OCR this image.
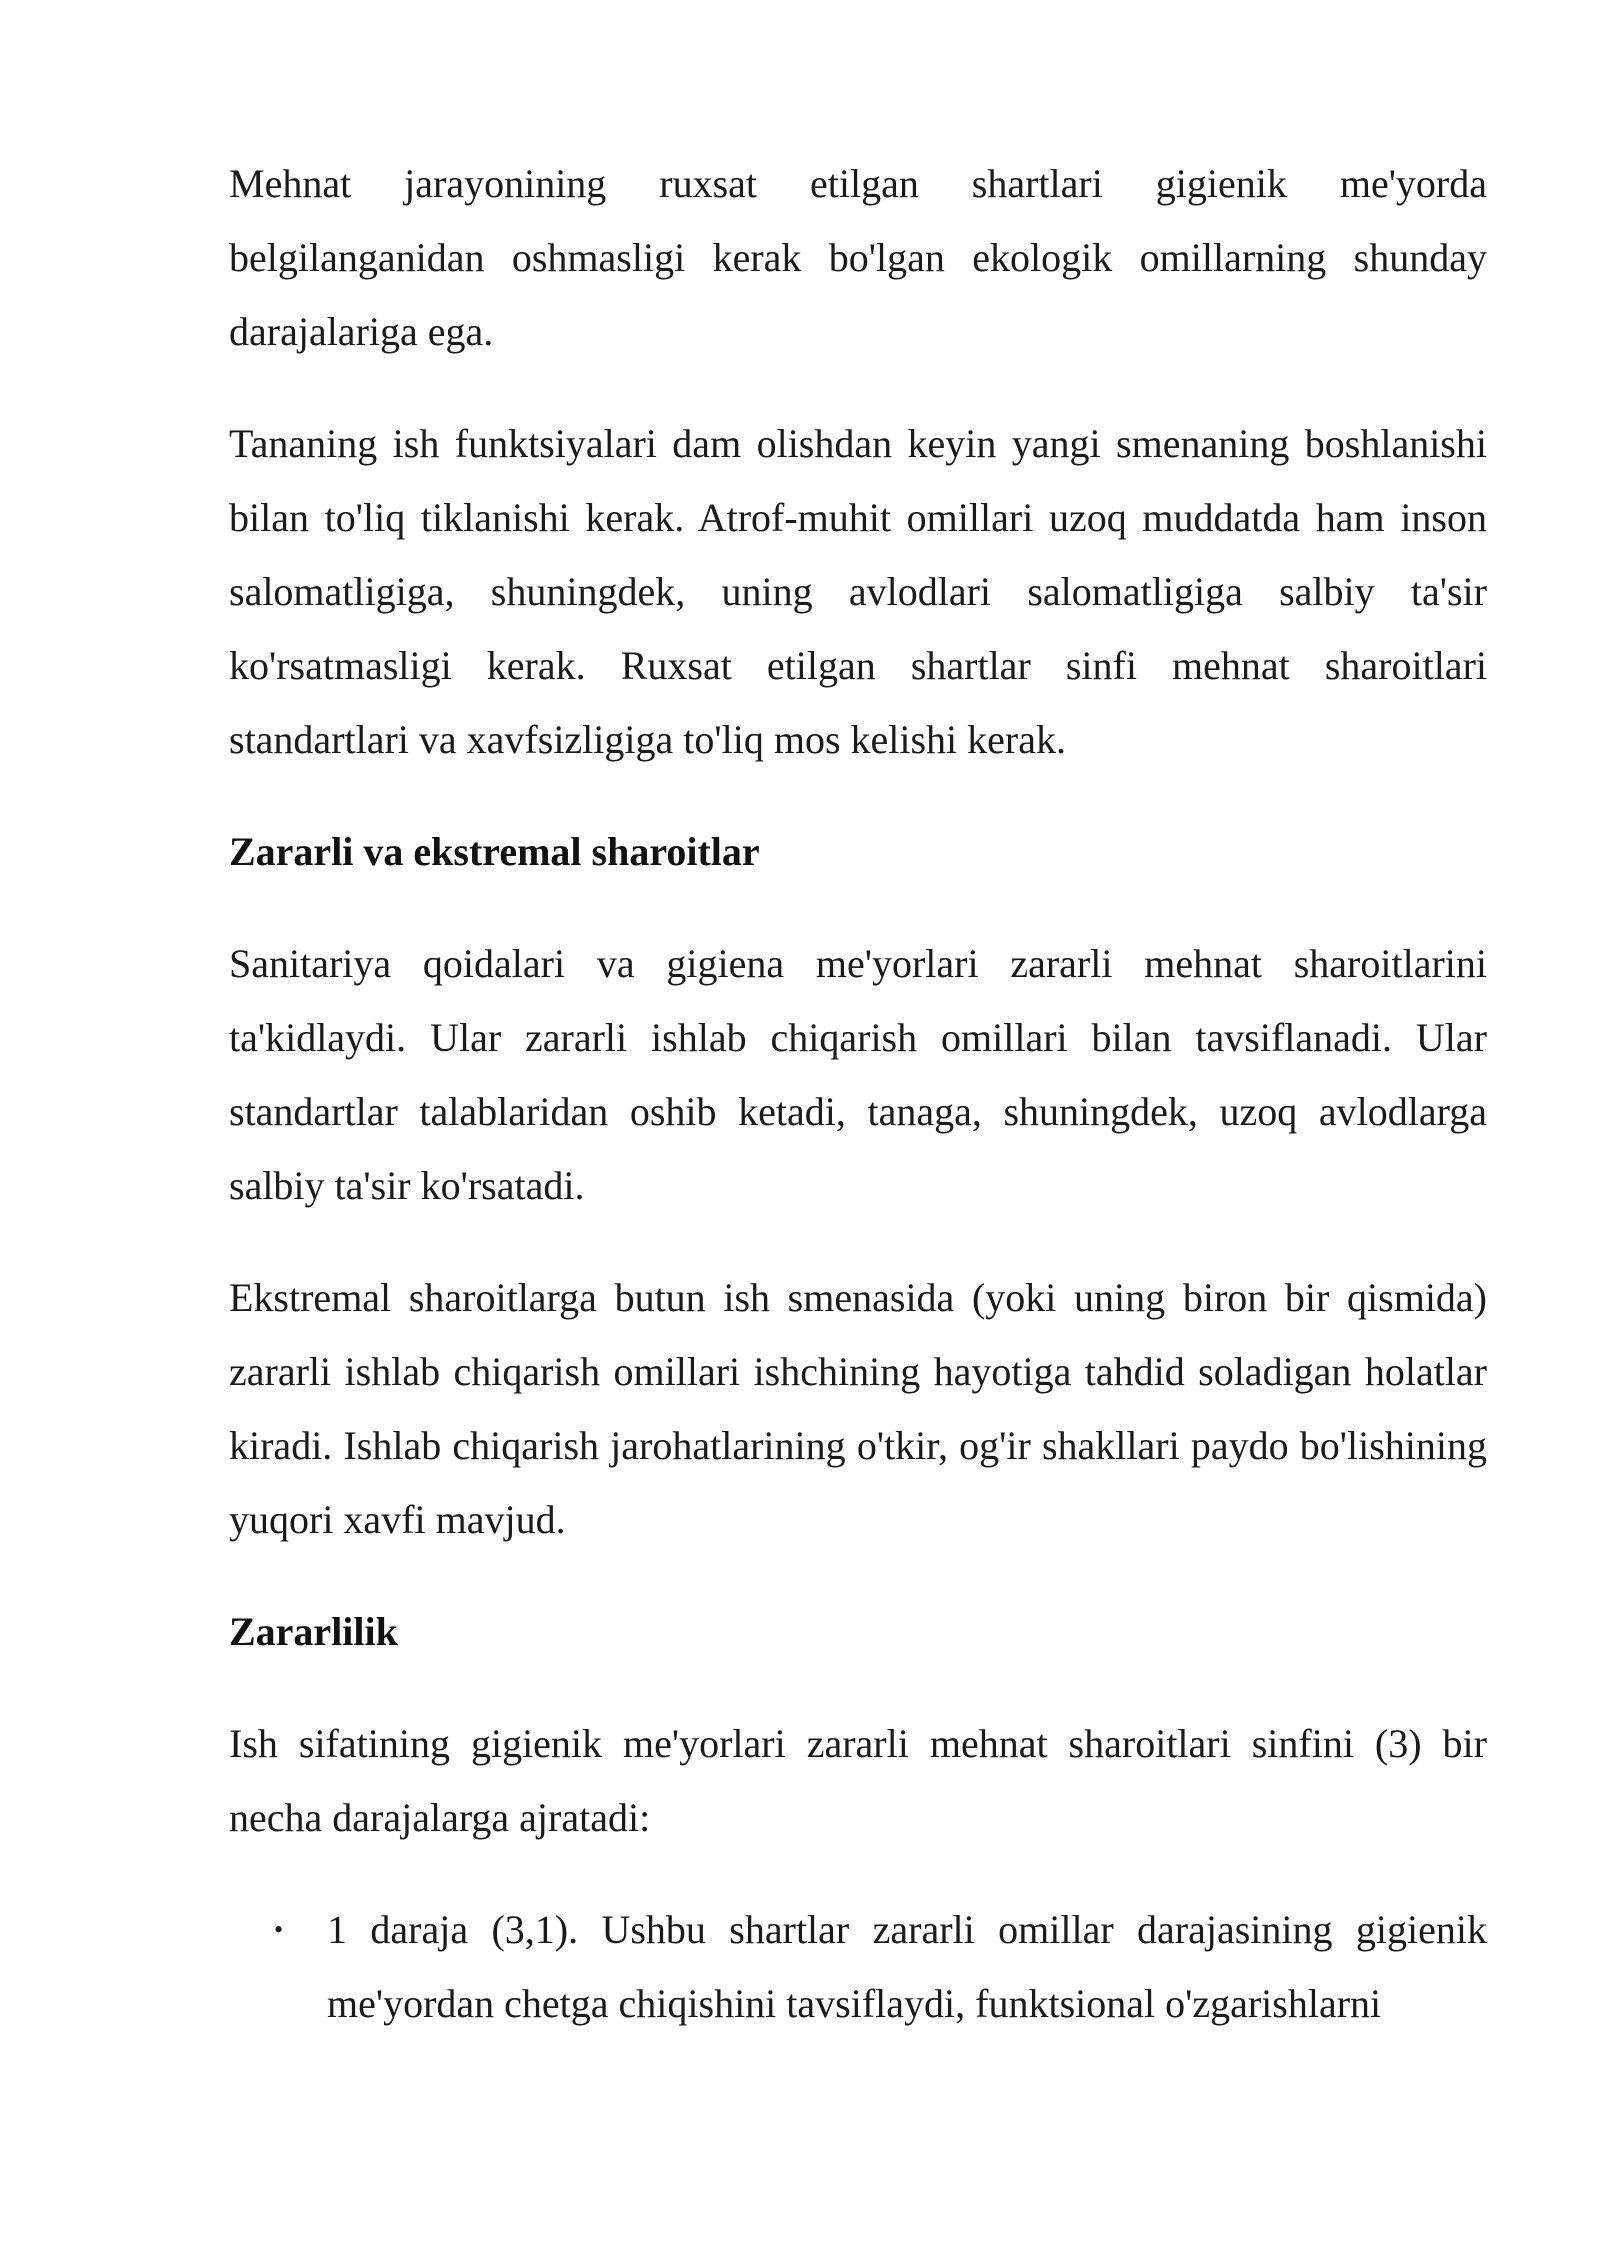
Mehnat jarayonining ruxsat etilgan shartlari gigienik me'yorda belgilanganidan oshmasligi kerak bo'lgan ekologik omillarning shunday darajalariga ega.

Tananing ish funktsiyalari dam olishdan keyin yangi smenaning boshlanishi bilan to'liq tiklanishi kerak. Atrof-muhit omillari uzoq muddatda ham inson salomatligiga, shuningdek, uning avlodlari salomatligiga salbiy ta'sir ko'rsatmasligi kerak. Ruxsat etilgan shartlar sinfi mehnat sharoitlari standartlari va xavfsizligiga to'liq mos kelishi kerak.

Zararli va ekstremal sharoitlar

Sanitariya qoidalari va gigiena me'yorlari zararli mehnat sharoitlarini ta'kidlaydi. Ular zararli ishlab chiqarish omillari bilan tavsiflanadi. Ular standartlar talablaridan oshib ketadi, tanaga, shuningdek, uzoq avlodlarga salbiy ta'sir ko'rsatadi.

Ekstremal sharoitlarga butun ish smenasida (yoki uning biron bir qismida) zararli ishlab chiqarish omillari ishchining hayotiga tahdid soladigan holatlar kiradi. Ishlab chiqarish jarohatlarining o'tkir, og'ir shakllari paydo bo'lishining yuqori xavfi mavjud.

Zararlilik

Ish sifatining gigienik me'yorlari zararli mehnat sharoitlari sinfini (3) bir necha darajalarga ajratadi:

• 1 daraja (3,1). Ushbu shartlar zararli omillar darajasining gigienik me'yordan chetga chiqishini tavsiflaydi, funktsional o'zgarishlarni
